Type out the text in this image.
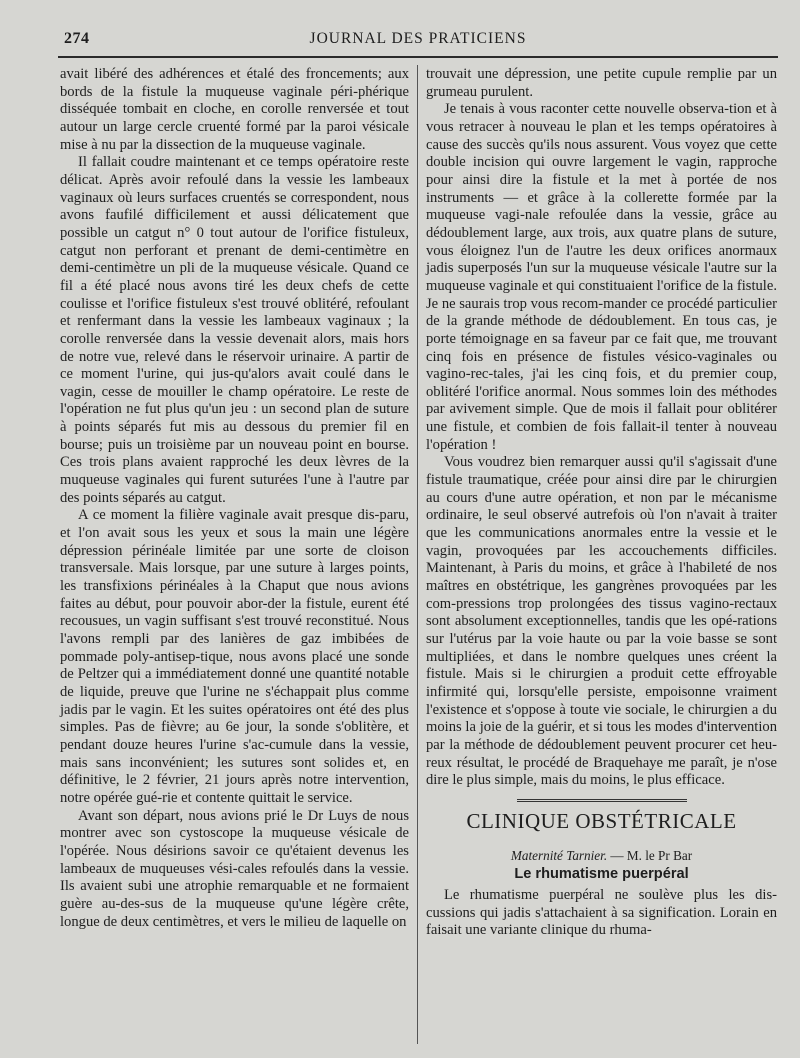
274	JOURNAL DES PRATICIENS

avait libéré des adhérences et étalé des froncements; aux bords de la fistule la muqueuse vaginale péri-phérique disséquée tombait en cloche, en corolle renversée et tout autour un large cercle cruenté formé par la paroi vésicale mise à nu par la dissection de la muqueuse vaginale.

Il fallait coudre maintenant et ce temps opératoire reste délicat. Après avoir refoulé dans la vessie les lambeaux vaginaux où leurs surfaces cruentés se correspondent, nous avons faufilé difficilement et aussi délicatement que possible un catgut n° 0 tout autour de l'orifice fistuleux, catgut non perforant et prenant de demi-centimètre en demi-centimètre un pli de la muqueuse vésicale. Quand ce fil a été placé nous avons tiré les deux chefs de cette coulisse et l'orifice fistuleux s'est trouvé oblitéré, refoulant et renfermant dans la vessie les lambeaux vaginaux ; la corolle renversée dans la vessie devenait alors, mais hors de notre vue, relevé dans le réservoir urinaire. A partir de ce moment l'urine, qui jus-qu'alors avait coulé dans le vagin, cesse de mouiller le champ opératoire. Le reste de l'opération ne fut plus qu'un jeu : un second plan de suture à points séparés fut mis au dessous du premier fil en bourse; puis un troisième par un nouveau point en bourse. Ces trois plans avaient rapproché les deux lèvres de la muqueuse vaginales qui furent suturées l'une à l'autre par des points séparés au catgut.

A ce moment la filière vaginale avait presque dis-paru, et l'on avait sous les yeux et sous la main une légère dépression périnéale limitée par une sorte de cloison transversale. Mais lorsque, par une suture à larges points, les transfixions périnéales à la Chaput que nous avions faites au début, pour pouvoir abor-der la fistule, eurent été recousues, un vagin suffisant s'est trouvé reconstitué. Nous l'avons rempli par des lanières de gaz imbibées de pommade poly-antisep-tique, nous avons placé une sonde de Peltzer qui a immédiatement donné une quantité notable de liquide, preuve que l'urine ne s'échappait plus comme jadis par le vagin. Et les suites opératoires ont été des plus simples. Pas de fièvre; au 6e jour, la sonde s'oblitère, et pendant douze heures l'urine s'ac-cumule dans la vessie, mais sans inconvénient; les sutures sont solides et, en définitive, le 2 février, 21 jours après notre intervention, notre opérée gué-rie et contente quittait le service.

Avant son départ, nous avions prié le Dr Luys de nous montrer avec son cystoscope la muqueuse vésicale de l'opérée. Nous désirions savoir ce qu'étaient devenus les lambeaux de muqueuses vési-cales refoulés dans la vessie. Ils avaient subi une atrophie remarquable et ne formaient guère au-des-sus de la muqueuse qu'une légère crête, longue de deux centimètres, et vers le milieu de laquelle on

trouvait une dépression, une petite cupule remplie par un grumeau purulent.

Je tenais à vous raconter cette nouvelle observa-tion et à vous retracer à nouveau le plan et les temps opératoires à cause des succès qu'ils nous assurent. Vous voyez que cette double incision qui ouvre largement le vagin, rapproche pour ainsi dire la fistule et la met à portée de nos instruments — et grâce à la collerette formée par la muqueuse vagi-nale refoulée dans la vessie, grâce au dédoublement large, aux trois, aux quatre plans de suture, vous éloignez l'un de l'autre les deux orifices anormaux jadis superposés l'un sur la muqueuse vésicale l'autre sur la muqueuse vaginale et qui constituaient l'orifice de la fistule. Je ne saurais trop vous recom-mander ce procédé particulier de la grande méthode de dédoublement. En tous cas, je porte témoignage en sa faveur par ce fait que, me trouvant cinq fois en présence de fistules vésico-vaginales ou vagino-rec-tales, j'ai les cinq fois, et du premier coup, oblitéré l'orifice anormal. Nous sommes loin des méthodes par avivement simple. Que de mois il fallait pour oblitérer une fistule, et combien de fois fallait-il tenter à nouveau l'opération !

Vous voudrez bien remarquer aussi qu'il s'agissait d'une fistule traumatique, créée pour ainsi dire par le chirurgien au cours d'une autre opération, et non par le mécanisme ordinaire, le seul observé autrefois où l'on n'avait à traiter que les communications anormales entre la vessie et le vagin, provoquées par les accouchements difficiles. Maintenant, à Paris du moins, et grâce à l'habileté de nos maîtres en obstétrique, les gangrènes provoquées par les com-pressions trop prolongées des tissus vagino-rectaux sont absolument exceptionnelles, tandis que les opé-rations sur l'utérus par la voie haute ou par la voie basse se sont multipliées, et dans le nombre quelques unes créent la fistule. Mais si le chirurgien a produit cette effroyable infirmité qui, lorsqu'elle persiste, empoisonne vraiment l'existence et s'oppose à toute vie sociale, le chirurgien a du moins la joie de la guérir, et si tous les modes d'intervention par la méthode de dédoublement peuvent procurer cet heu-reux résultat, le procédé de Braquehaye me paraît, je n'ose dire le plus simple, mais du moins, le plus efficace.

CLINIQUE OBSTÉTRICALE
Maternité Tarnier. — M. le Pr Bar
Le rhumatisme puerpéral

Le rhumatisme puerpéral ne soulève plus les dis-cussions qui jadis s'attachaient à sa signification. Lorain en faisait une variante clinique du rhuma-
